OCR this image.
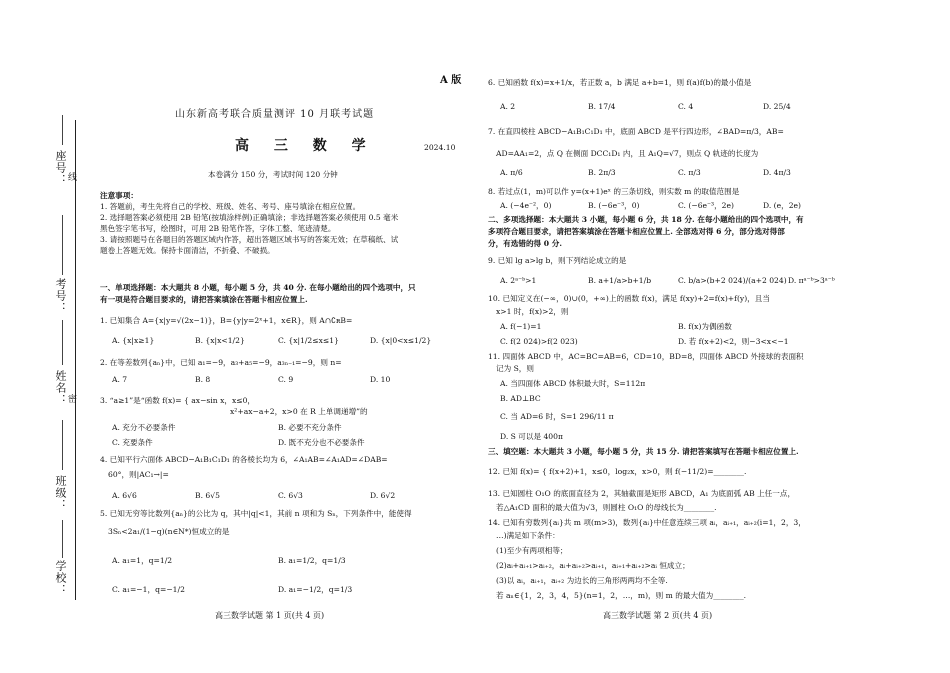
座号：
考号：
姓名：
班级：
学校：
密
线
A 版
山东新高考联合质量测评 10 月联考试题
高 三 数 学	2024.10
本卷满分 150 分，考试时间 120 分钟
注意事项：
1. 答题前，考生先将自己的学校、班级、姓名、考号、座号填涂在相应位置。
2. 选择题答案必须使用 2B 铅笔(按填涂样例)正确填涂；非选择题答案必须使用 0.5 毫米
黑色签字笔书写，绘图时，可用 2B 铅笔作答，字体工整、笔迹清楚。
3. 请按照题号在各题目的答题区域内作答，超出答题区域书写的答案无效；在草稿纸、试
题卷上答题无效。保持卡面清洁，不折叠、不破损。
一、单项选择题：本大题共 8 小题，每小题 5 分，共 40 分. 在每小题给出的四个选项中，只
有一项是符合题目要求的，请把答案填涂在答题卡相应位置上.
1. 已知集合 A={x|y=√(2x−1)}，B={y|y=2ˣ+1，x∈R}，则 A∩∁ʀB=
A. {x|x≥1}	B. {x|x<1/2}	C. {x|1/2≤x≤1}	D. {x|0<x≤1/2}
2. 在等差数列{aₙ}中，已知 a₁=−9，a₃+a₅=−9，a₃ₙ₋₁=−9，则 n=
A. 7	B. 8	C. 9	D. 10
3. “a≥1”是“函数 f(x)= { ax−sin x，x≤0，
x²+ax−a+2，x>0 在 R 上单调递增”的
A. 充分不必要条件	B. 必要不充分条件
C. 充要条件	D. 既不充分也不必要条件
4. 已知平行六面体 ABCD−A₁B₁C₁D₁ 的各棱长均为 6，∠A₁AB=∠A₁AD=∠DAB=
60°，则|AC₁→|=
A. 6√6	B. 6√5	C. 6√3	D. 6√2
5. 已知无穷等比数列{aₙ}的公比为 q，其中|q|<1，其前 n 项和为 Sₙ，下列条件中，能使得
3Sₙ<2a₁/(1−q)(n∈N*)恒成立的是
A. a₁=1，q=1/2	B. a₁=1/2，q=1/3
C. a₁=−1，q=−1/2	D. a₁=−1/2，q=1/3
高三数学试题 第 1 页(共 4 页)
6. 已知函数 f(x)=x+1/x，若正数 a，b 满足 a+b=1，则 f(a)f(b)的最小值是
A. 2	B. 17/4	C. 4	D. 25/4
7. 在直四棱柱 ABCD−A₁B₁C₁D₁ 中，底面 ABCD 是平行四边形，∠BAD=π/3，AB=
AD=AA₁=2，点 Q 在侧面 DCC₁D₁ 内，且 A₁Q=√7，则点 Q 轨迹的长度为
A. π/6	B. 2π/3	C. π/3	D. 4π/3
8. 若过点(1，m)可以作 y=(x+1)eˣ 的三条切线，则实数 m 的取值范围是
A. (−4e⁻²，0)	B. (−6e⁻³，0)	C. (−6e⁻³，2e)	D. (e，2e)
二、多项选择题：本大题共 3 小题，每小题 6 分，共 18 分. 在每小题给出的四个选项中，有
多项符合题目要求，请把答案填涂在答题卡相应位置上. 全部选对得 6 分，部分选对得部
分，有选错的得 0 分.
9. 已知 lg a>lg b，则下列结论成立的是
A. 2ᵃ⁻ᵇ>1	B. a+1/a>b+1/b	C. b/a>(b+2 024)/(a+2 024) D. πᵃ⁻ᵇ>3ᵃ⁻ᵇ
10. 已知定义在(−∞，0)∪(0，+∞)上的函数 f(x)，满足 f(xy)+2=f(x)+f(y)，且当
x>1 时，f(x)>2，则
A. f(−1)=1	B. f(x)为偶函数
C. f(2 024)>f(2 023)	D. 若 f(x+2)<2，则−3<x<−1
11. 四面体 ABCD 中，AC=BC=AB=6，CD=10，BD=8，四面体 ABCD 外接球的表面积
记为 S，则
A. 当四面体 ABCD 体积最大时，S=112π
B. AD⊥BC
C. 当 AD=6 时，S=1 296/11 π
D. S 可以是 400π
三、填空题：本大题共 3 小题，每小题 5 分，共 15 分. 请把答案填写在答题卡相应位置上.
12. 已知 f(x)= { f(x+2)+1，x≤0，log₂x，x>0，则 f(−11/2)=________.
13. 已知圆柱 O₁O 的底面直径为 2，其轴截面是矩形 ABCD，A₁ 为底面弧 AB 上任一点，
若△A₁CD 面积的最大值为√3，则圆柱 O₁O 的母线长为________.
14. 已知有穷数列{aᵢ}共 m 项(m>3)，数列{aᵢ}中任意连续三项 aᵢ，aᵢ₊₁，aᵢ₊₂(i=1，2，3，
…)满足如下条件：
(1)至少有两项相等；
(2)aᵢ+aᵢ₊₁>aᵢ₊₂，aᵢ+aᵢ₊₂>aᵢ₊₁，aᵢ₊₁+aᵢ₊₂>aᵢ 恒成立；
(3)以 aᵢ，aᵢ₊₁，aᵢ₊₂ 为边长的三角形两两均不全等.
若 aₙ∈{1，2，3，4，5}(n=1，2，…，m)，则 m 的最大值为________.
高三数学试题 第 2 页(共 4 页)
